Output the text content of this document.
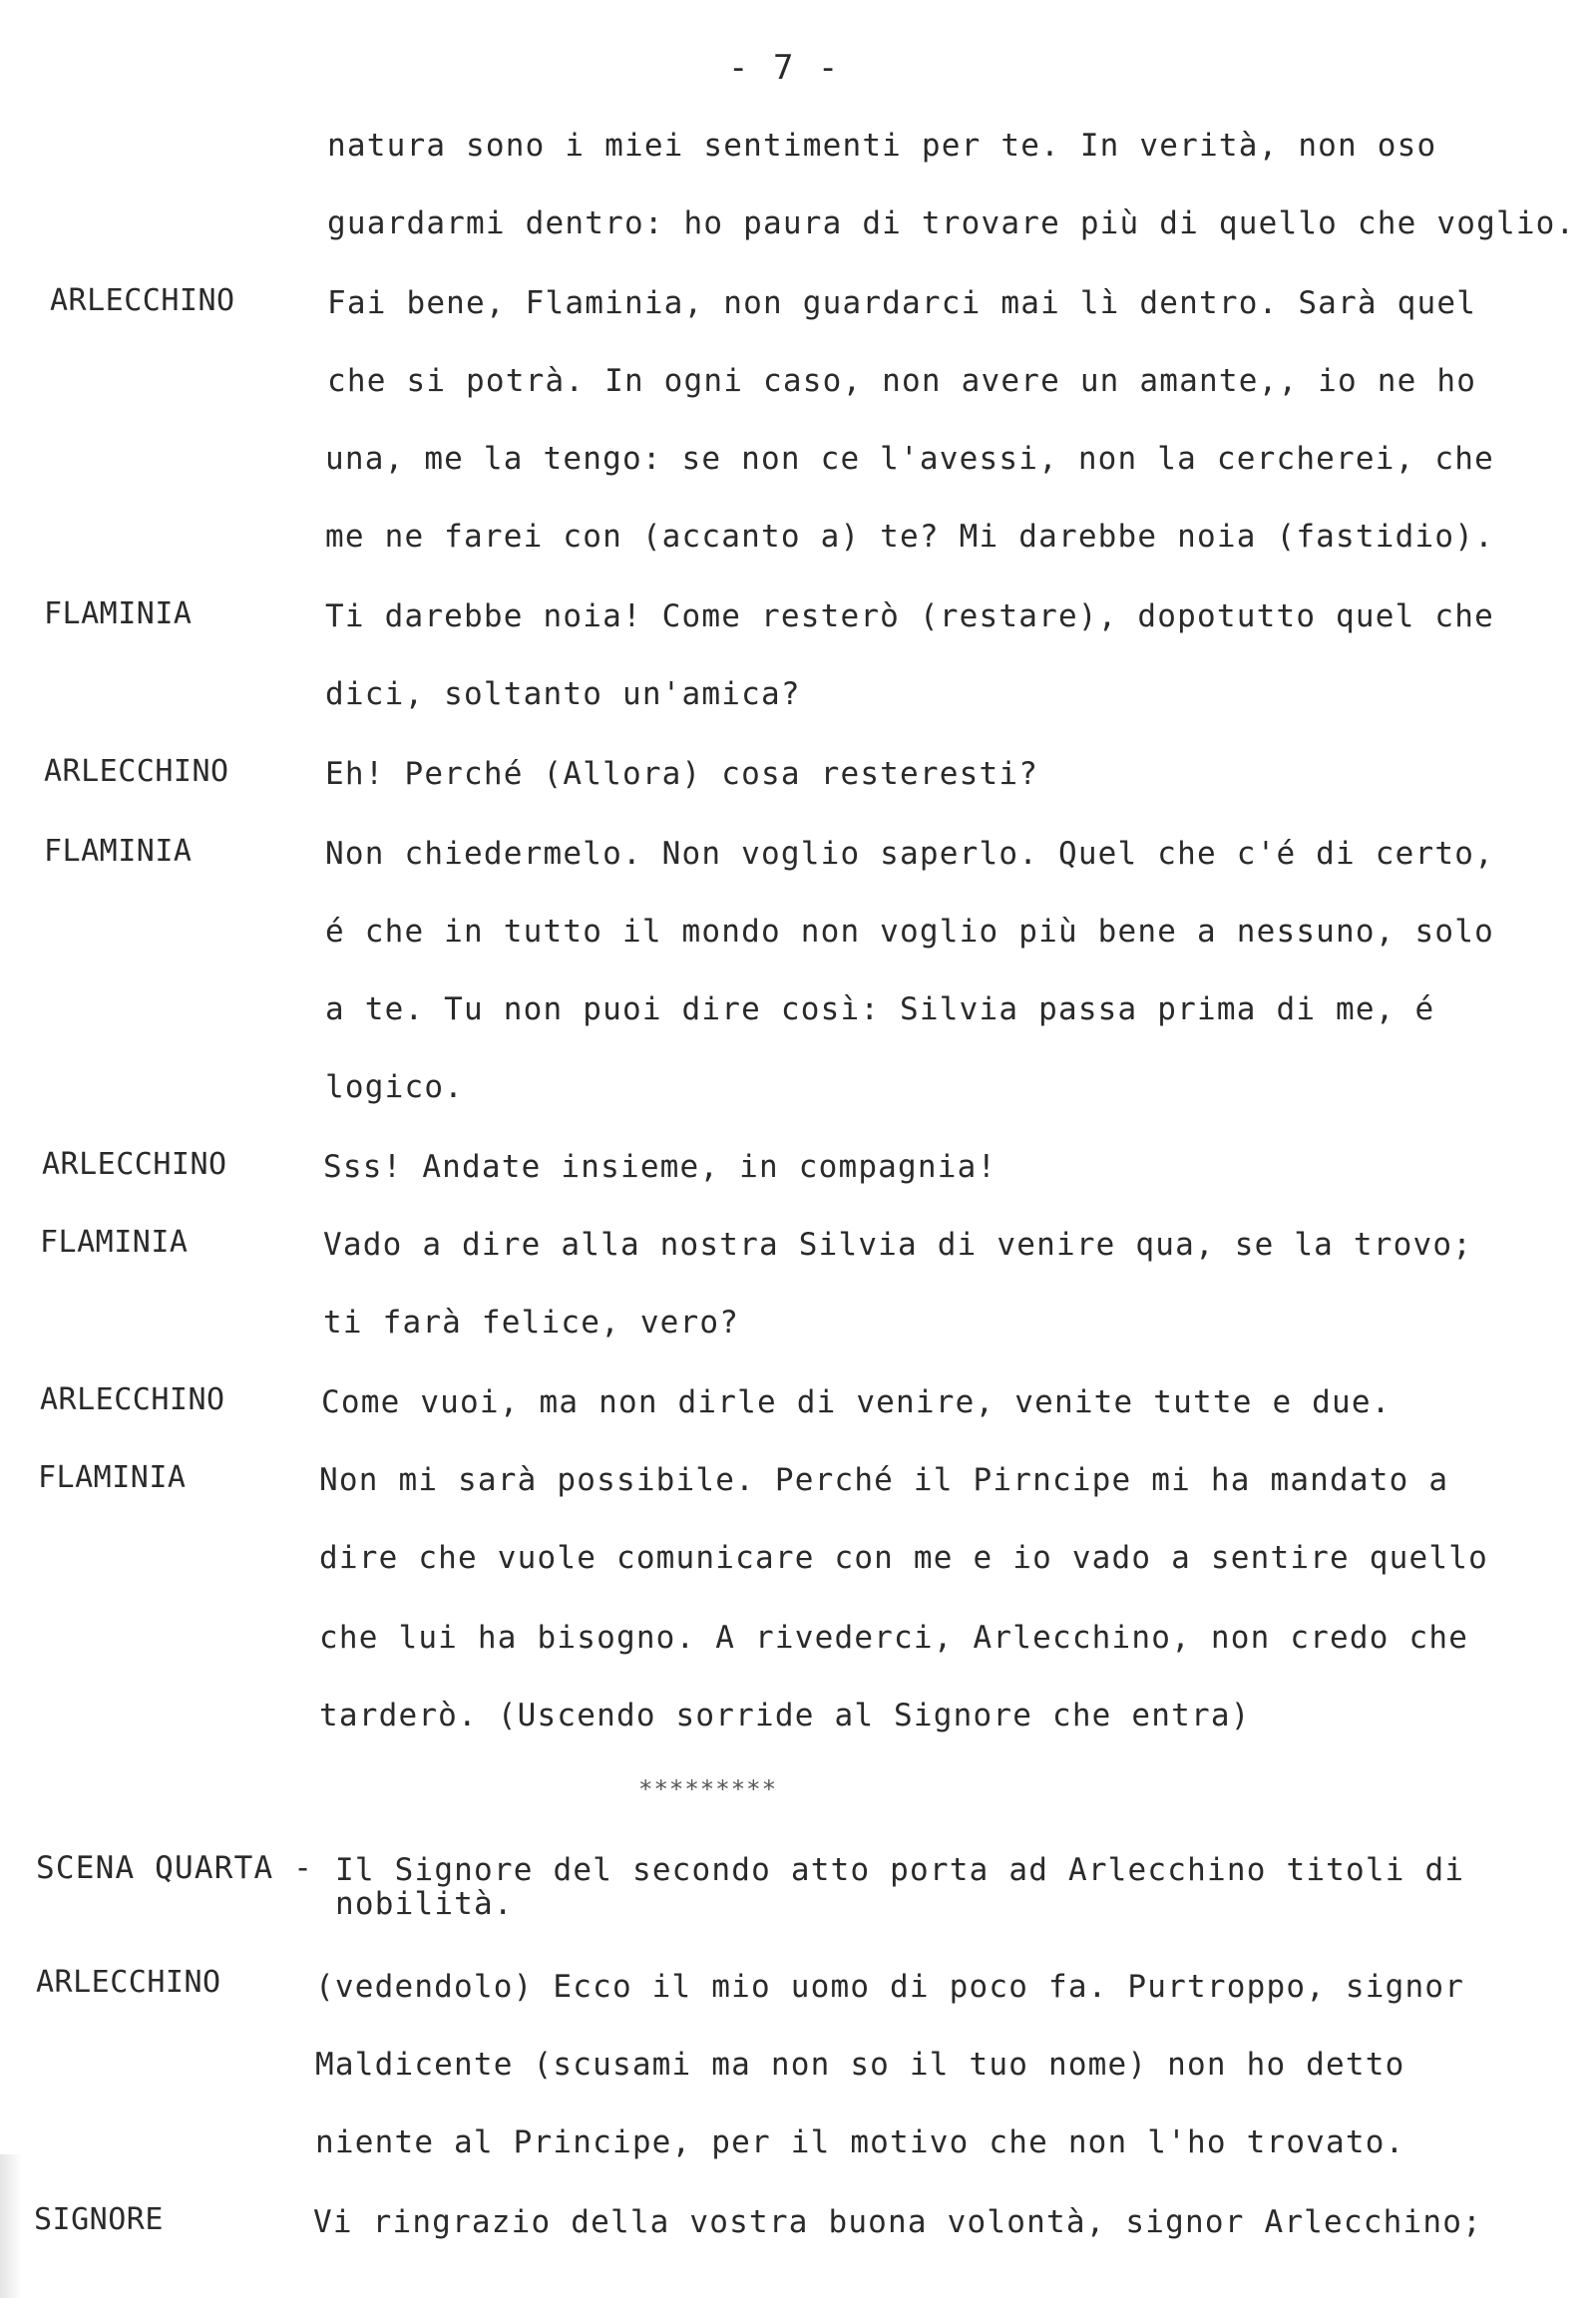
- 7 -
natura sono i miei sentimenti per te. In verità, non oso
guardarmi dentro: ho paura di trovare più di quello che voglio.
ARLECCHINO	Fai bene, Flaminia, non guardarci mai lì dentro. Sarà quel
che si potrà. In ogni caso, non avere un amante,, io ne ho
una, me la tengo: se non ce l'avessi, non la cercherei, che
me ne farei con (accanto a) te? Mi darebbe noia (fastidio).
FLAMINIA	Ti darebbe noia! Come resterò (restare), dopotutto quel che
dici, soltanto un'amica?
ARLECCHINO	Eh! Perché (Allora) cosa resteresti?
FLAMINIA	Non chiedermelo. Non voglio saperlo. Quel che c'é di certo,
é che in tutto il mondo non voglio più bene a nessuno, solo
a te. Tu non puoi dire così: Silvia passa prima di me, é
logico.
ARLECCHINO	Sss! Andate insieme, in compagnia!
FLAMINIA	Vado a dire alla nostra Silvia di venire qua, se la trovo;
ti farà felice, vero?
ARLECCHINO	Come vuoi, ma non dirle di venire, venite tutte e due.
FLAMINIA	Non mi sarà possibile. Perché il Pirncipe mi ha mandato a
dire che vuole comunicare con me e io vado a sentire quello
che lui ha bisogno. A rivederci, Arlecchino, non credo che
tarderò. (Uscendo sorride al Signore che entra)
*********
SCENA QUARTA - Il Signore del secondo atto porta ad Arlecchino titoli di
nobilità.
ARLECCHINO	(vedendolo) Ecco il mio uomo di poco fa. Purtroppo, signor
Maldicente (scusami ma non so il tuo nome) non ho detto
niente al Principe, per il motivo che non l'ho trovato.
SIGNORE	Vi ringrazio della vostra buona volontà, signor Arlecchino;
